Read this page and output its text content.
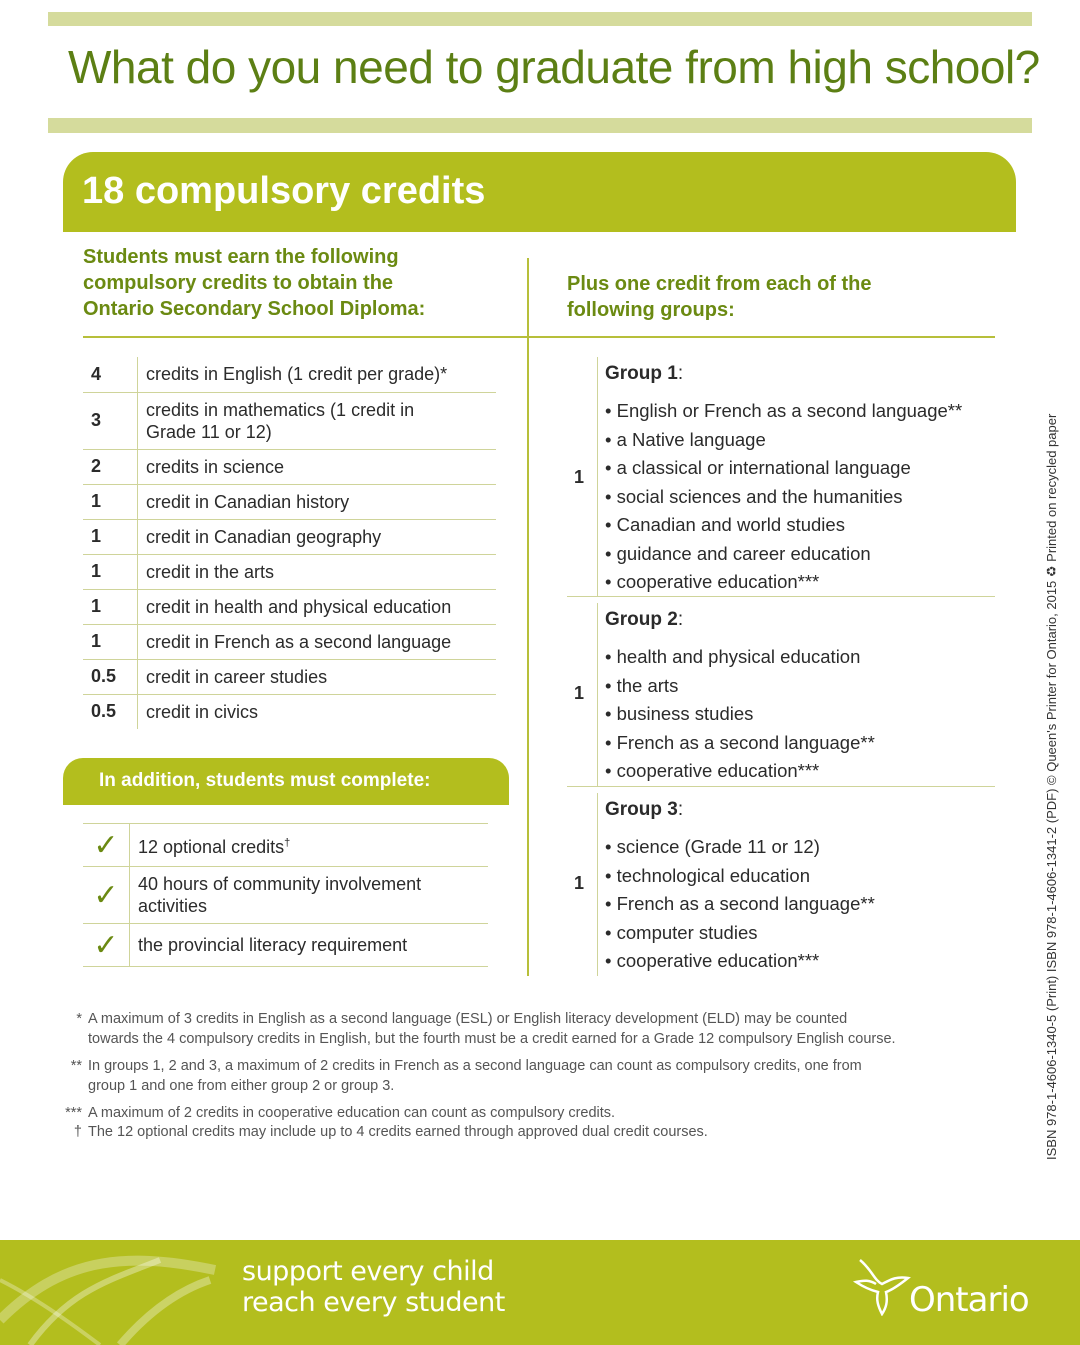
What do you need to graduate from high school?
18 compulsory credits
Students must earn the following
compulsory credits to obtain the
Ontario Secondary School Diploma:
Plus one credit from each of the
following groups:
4	credits in English (1 credit per grade)*
3	credits in mathematics (1 credit in
Grade 11 or 12)

2	credits in science
1	credit in Canadian history
1	credit in Canadian geography
1	credit in the arts
1	credit in health and physical education
1	credit in French as a second language
0.5	credit in career studies
0.5	credit in civics
In addition, students must complete:
✓	12 optional credits†
✓	40 hours of community involvement
activities

✓	the provincial literacy requirement
1
Group 1:
• English or French as a second language**
• a Native language
• a classical or international language
• social sciences and the humanities
• Canadian and world studies
• guidance and career education
• cooperative education***
1
Group 2:
• health and physical education
• the arts
• business studies
• French as a second language**
• cooperative education***
1
Group 3:
• science (Grade 11 or 12)
• technological education
• French as a second language**
• computer studies
• cooperative education***
* A maximum of 3 credits in English as a second language (ESL) or English literacy development (ELD) may be counted
towards the 4 compulsory credits in English, but the fourth must be a credit earned for a Grade 12 compulsory English course.
** In groups 1, 2 and 3, a maximum of 2 credits in French as a second language can count as compulsory credits, one from
group 1 and one from either group 2 or group 3.
*** A maximum of 2 credits in cooperative education can count as compulsory credits.
† The 12 optional credits may include up to 4 credits earned through approved dual credit courses.	ISBN 978-1-4606-1340-5 (Print) ISBN 978-1-4606-1341-2 (PDF) © Queen's Printer for Ontario, 2015 ♻ Printed on recycled paper
support every child
reach every student	Ontario
